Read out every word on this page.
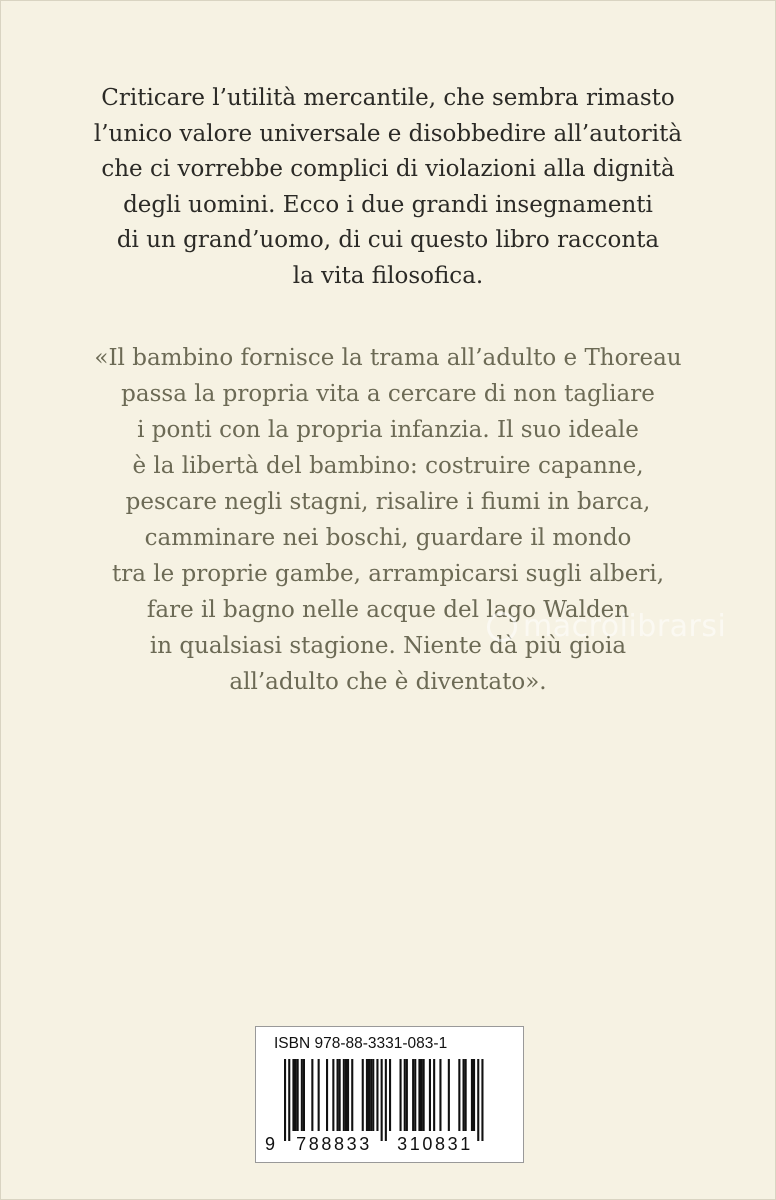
Criticare l’utilità mercantile, che sembra rimasto
l’unico valore universale e disobbedire all’autorità
che ci vorrebbe complici di violazioni alla dignità
degli uomini. Ecco i due grandi insegnamenti
di un grand’uomo, di cui questo libro racconta
la vita filosofica.

«Il bambino fornisce la trama all’adulto e Thoreau
passa la propria vita a cercare di non tagliare
i ponti con la propria infanzia. Il suo ideale
è la libertà del bambino: costruire capanne,
pescare negli stagni, risalire i fiumi in barca,
camminare nei boschi, guardare il mondo
tra le proprie gambe, arrampicarsi sugli alberi,
fare il bagno nelle acque del lago Walden
in qualsiasi stagione. Niente dà più gioia
all’adulto che è diventato».

macrolibrarsi
ISBN 978-88-3331-083-1
9	788833	310831
